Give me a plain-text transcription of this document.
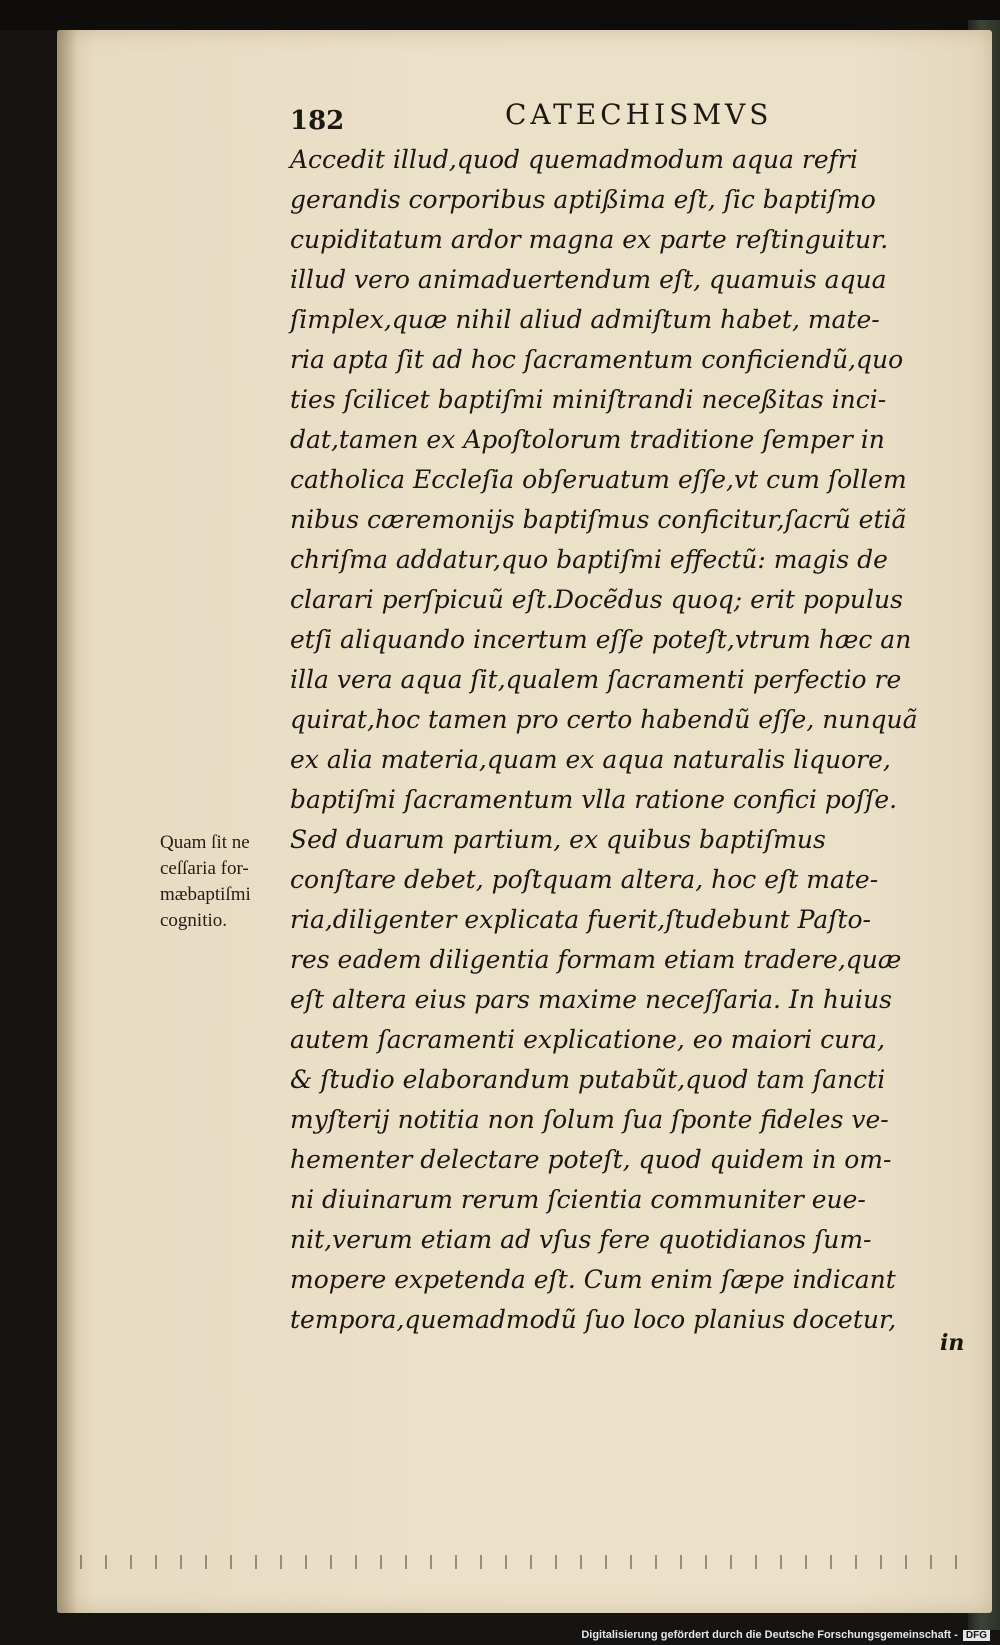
182	CATECHISMVS
Accedit illud,quod quemadmodum aqua refri
gerandis corporibus aptißima eſt, ſic baptiſmo
cupiditatum ardor magna ex parte reſtinguitur.
illud vero animaduertendum eſt, quamuis aqua
ſimplex,quæ nihil aliud admiſtum habet, mate-
ria apta ſit ad hoc ſacramentum conficiendũ,quo
ties ſcilicet baptiſmi miniſtrandi neceßitas inci-
dat,tamen ex Apoſtolorum traditione ſemper in
catholica Eccleſia obſeruatum eſſe,vt cum ſollem
nibus cæremonijs baptiſmus conficitur,ſacrũ etiã
chriſma addatur,quo baptiſmi effectũ: magis de
clarari perſpicuũ eſt.Docẽdus quoq; erit populus
etſi aliquando incertum eſſe poteſt,vtrum hæc an
illa vera aqua ſit,qualem ſacramenti perfectio re
quirat,hoc tamen pro certo habendũ eſſe, nunquã
ex alia materia,quam ex aqua naturalis liquore,
baptiſmi ſacramentum vlla ratione confici poſſe.
Sed duarum partium, ex quibus baptiſmus
conſtare debet, poſtquam altera, hoc eſt mate-
ria,diligenter explicata fuerit,ſtudebunt Paſto-
res eadem diligentia formam etiam tradere,quæ
eſt altera eius pars maxime neceſſaria. In huius
autem ſacramenti explicatione, eo maiori cura,
& ſtudio elaborandum putabũt,quod tam ſancti
myſterij notitia non ſolum ſua ſponte fideles ve-
hementer delectare poteſt, quod quidem in om-
ni diuinarum rerum ſcientia communiter eue-
nit,verum etiam ad vſus fere quotidianos ſum-
mopere expetenda eſt. Cum enim ſæpe indicant
tempora,quemadmodũ ſuo loco planius docetur,
in
Quam ſit ne
ceſſaria for-
mæbaptiſmi
cognitio.
Digitalisierung gefördert durch die Deutsche Forschungsgemeinschaft - DFG
